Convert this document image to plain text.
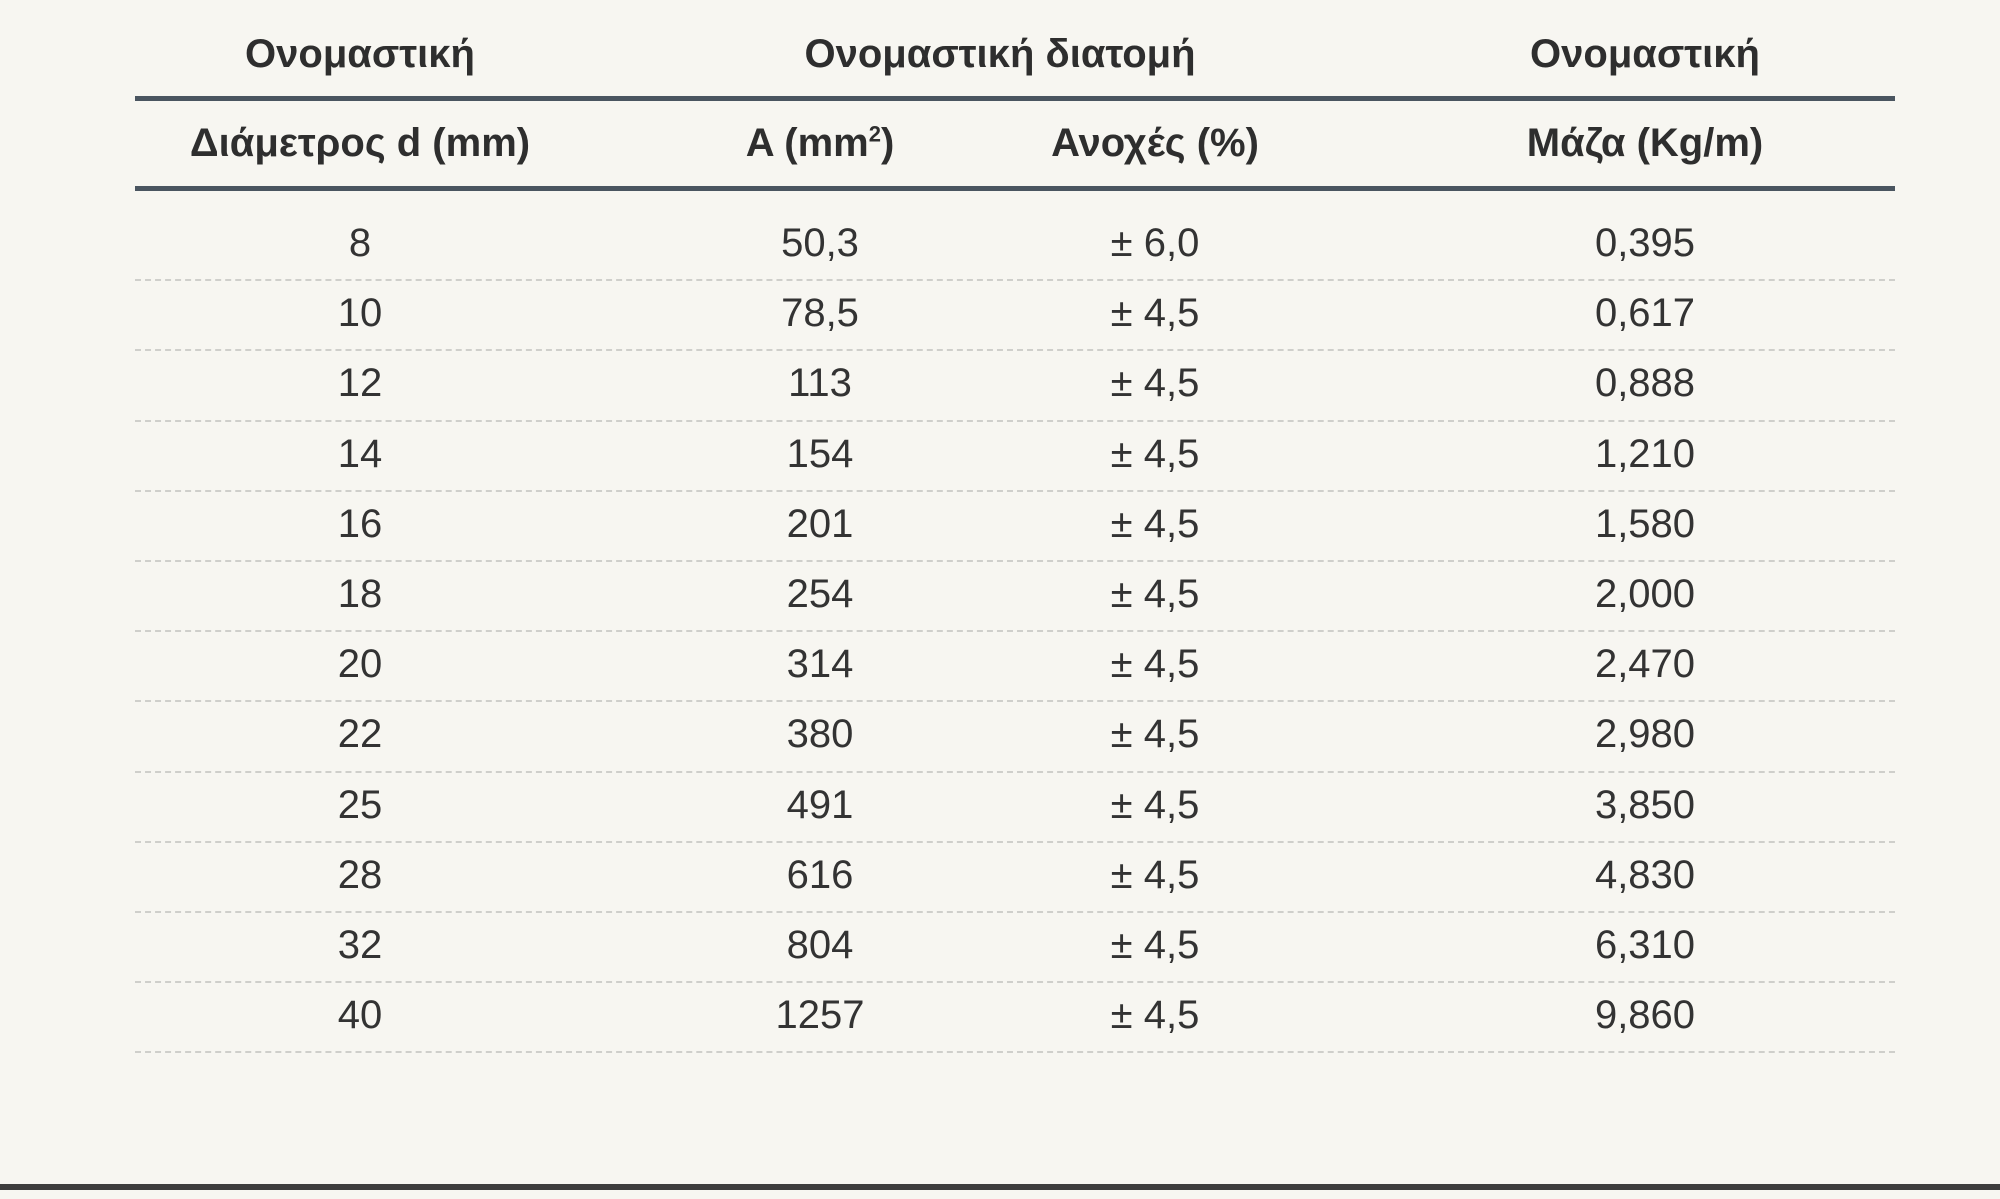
Ονομαστική	Ονομαστική διατομή	Ονομαστική
Διάμετρος d (mm)	A $(mm^2)$	Ανοχές (%)	Μάζα (Kg/m)
8	50,3	± 6,0	0,395
10	78,5	± 4,5	0,617
12	113	± 4,5	0,888
14	154	± 4,5	1,210
16	201	± 4,5	1,580
18	254	± 4,5	2,000
20	314	± 4,5	2,470
22	380	± 4,5	2,980
25	491	± 4,5	3,850
28	616	± 4,5	4,830
32	804	± 4,5	6,310
40	1257	± 4,5	9,860
